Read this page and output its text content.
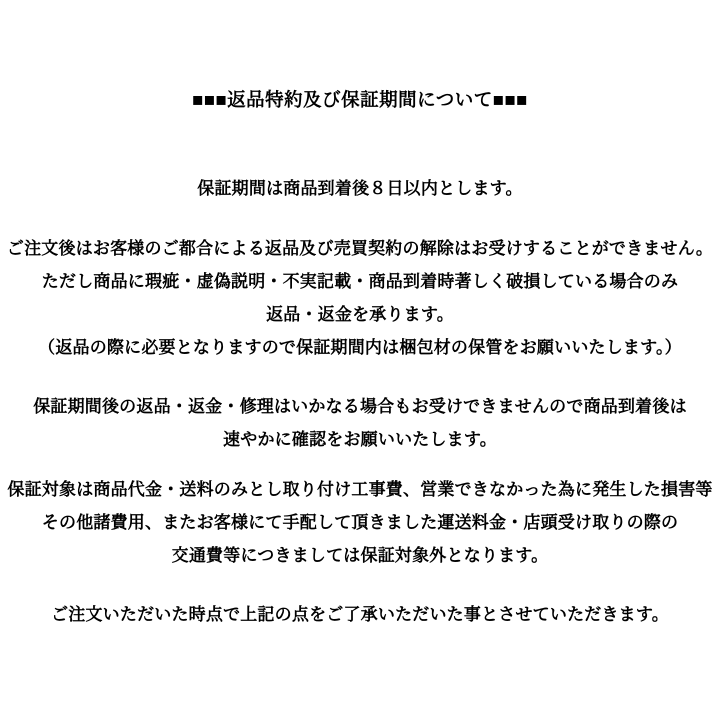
■■■返品特約及び保証期間について■■■

保証期間は商品到着後８日以内とします。

ご注文後はお客様のご都合による返品及び売買契約の解除はお受けすることができません。

ただし商品に瑕疵・虚偽説明・不実記載・商品到着時著しく破損している場合のみ

返品・返金を承ります。

（返品の際に必要となりますので保証期間内は梱包材の保管をお願いいたします。）

保証期間後の返品・返金・修理はいかなる場合もお受けできませんので商品到着後は

速やかに確認をお願いいたします。

保証対象は商品代金・送料のみとし取り付け工事費、営業できなかった為に発生した損害等

その他諸費用、またお客様にて手配して頂きました運送料金・店頭受け取りの際の

交通費等につきましては保証対象外となります。

ご注文いただいた時点で上記の点をご了承いただいた事とさせていただきます。
